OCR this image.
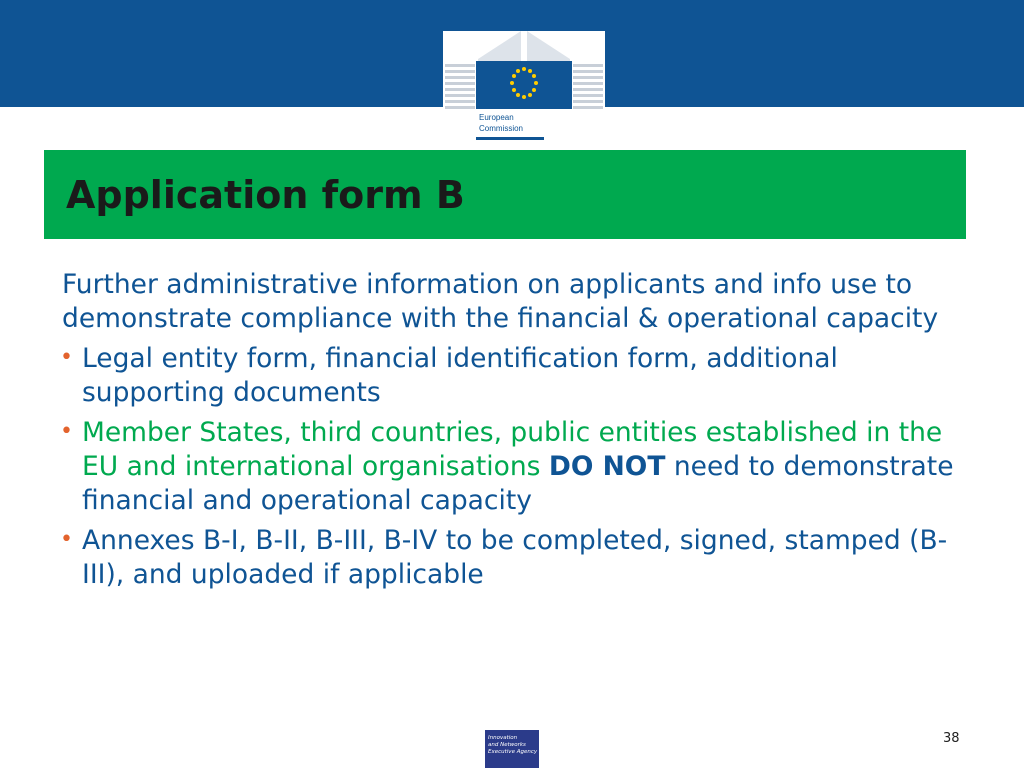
European
Commission
Application form B

Further administrative information on applicants and info use to demonstrate compliance with the financial & operational capacity

• Legal entity form, financial identification form, additional supporting documents
• Member States, third countries, public entities established in the EU and international organisations DO NOT need to demonstrate financial and operational capacity
• Annexes B-I, B-II, B-III, B-IV to be completed, signed, stamped (B-III), and uploaded if applicable
Innovation
and Networks
Executive Agency
38
